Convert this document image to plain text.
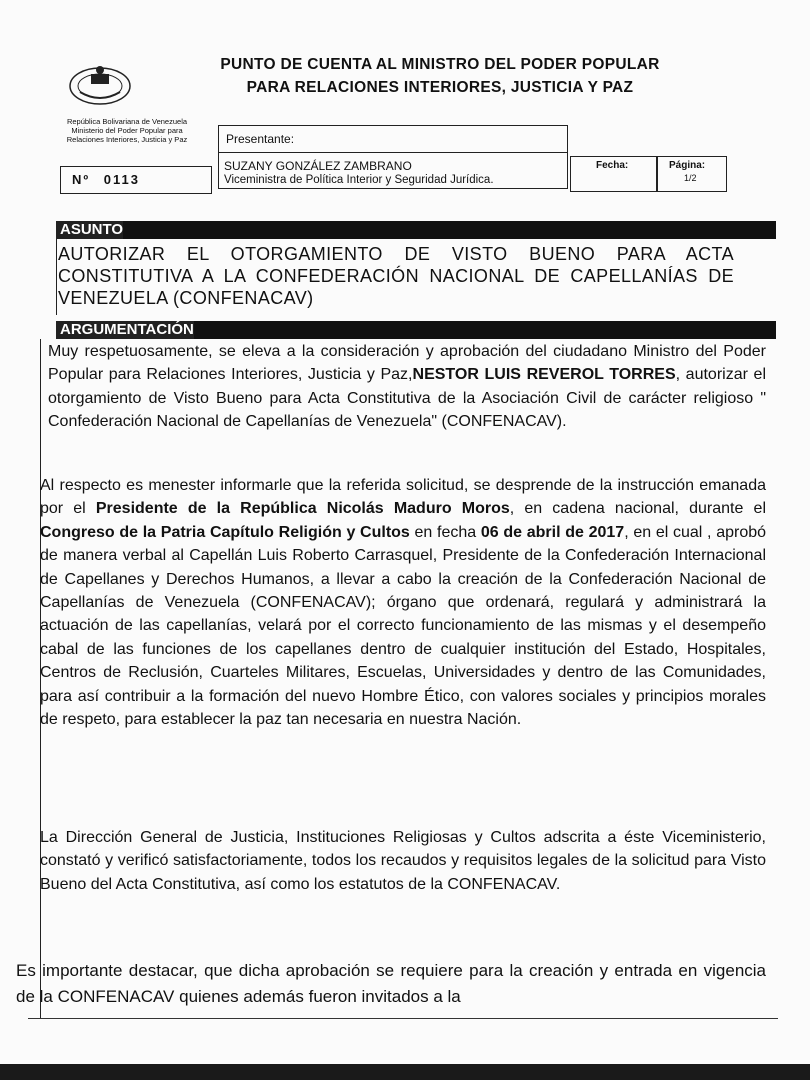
PUNTO DE CUENTA AL MINISTRO DEL PODER POPULAR
PARA RELACIONES INTERIORES, JUSTICIA Y PAZ
República Bolivariana de Venezuela
Ministerio del Poder Popular para
Relaciones Interiores, Justicia y Paz	Presentante:
SUZANY GONZÁLEZ ZAMBRANO
Viceministra de Política Interior y Seguridad Jurídica.
Nº 0113
Fecha:	Página:
1/2
ASUNTO
AUTORIZAR EL OTORGAMIENTO DE VISTO BUENO PARA ACTA CONSTITUTIVA A LA CONFEDERACIÓN NACIONAL DE CAPELLANÍAS DE VENEZUELA (CONFENACAV)
ARGUMENTACIÓN
Muy respetuosamente, se eleva a la consideración y aprobación del ciudadano Ministro del Poder Popular para Relaciones Interiores, Justicia y Paz,NESTOR LUIS REVEROL TORRES, autorizar el otorgamiento de Visto Bueno para Acta Constitutiva de la Asociación Civil de carácter religioso " Confederación Nacional de Capellanías de Venezuela" (CONFENACAV).
Al respecto es menester informarle que la referida solicitud, se desprende de la instrucción emanada por el Presidente de la República Nicolás Maduro Moros, en cadena nacional, durante el Congreso de la Patria Capítulo Religión y Cultos en fecha 06 de abril de 2017, en el cual , aprobó de manera verbal al Capellán Luis Roberto Carrasquel, Presidente de la Confederación Internacional de Capellanes y Derechos Humanos, a llevar a cabo la creación de la Confederación Nacional de Capellanías de Venezuela (CONFENACAV); órgano que ordenará, regulará y administrará la actuación de las capellanías, velará por el correcto funcionamiento de las mismas y el desempeño cabal de las funciones de los capellanes dentro de cualquier institución del Estado, Hospitales, Centros de Reclusión, Cuarteles Militares, Escuelas, Universidades y dentro de las Comunidades, para así contribuir a la formación del nuevo Hombre Ético, con valores sociales y principios morales de respeto, para establecer la paz tan necesaria en nuestra Nación.
La Dirección General de Justicia, Instituciones Religiosas y Cultos adscrita a éste Viceministerio, constató y verificó satisfactoriamente, todos los recaudos y requisitos legales de la solicitud para Visto Bueno del Acta Constitutiva, así como los estatutos de la CONFENACAV.
Es importante destacar, que dicha aprobación se requiere para la creación y entrada en vigencia de la CONFENACAV quienes además fueron invitados a la
